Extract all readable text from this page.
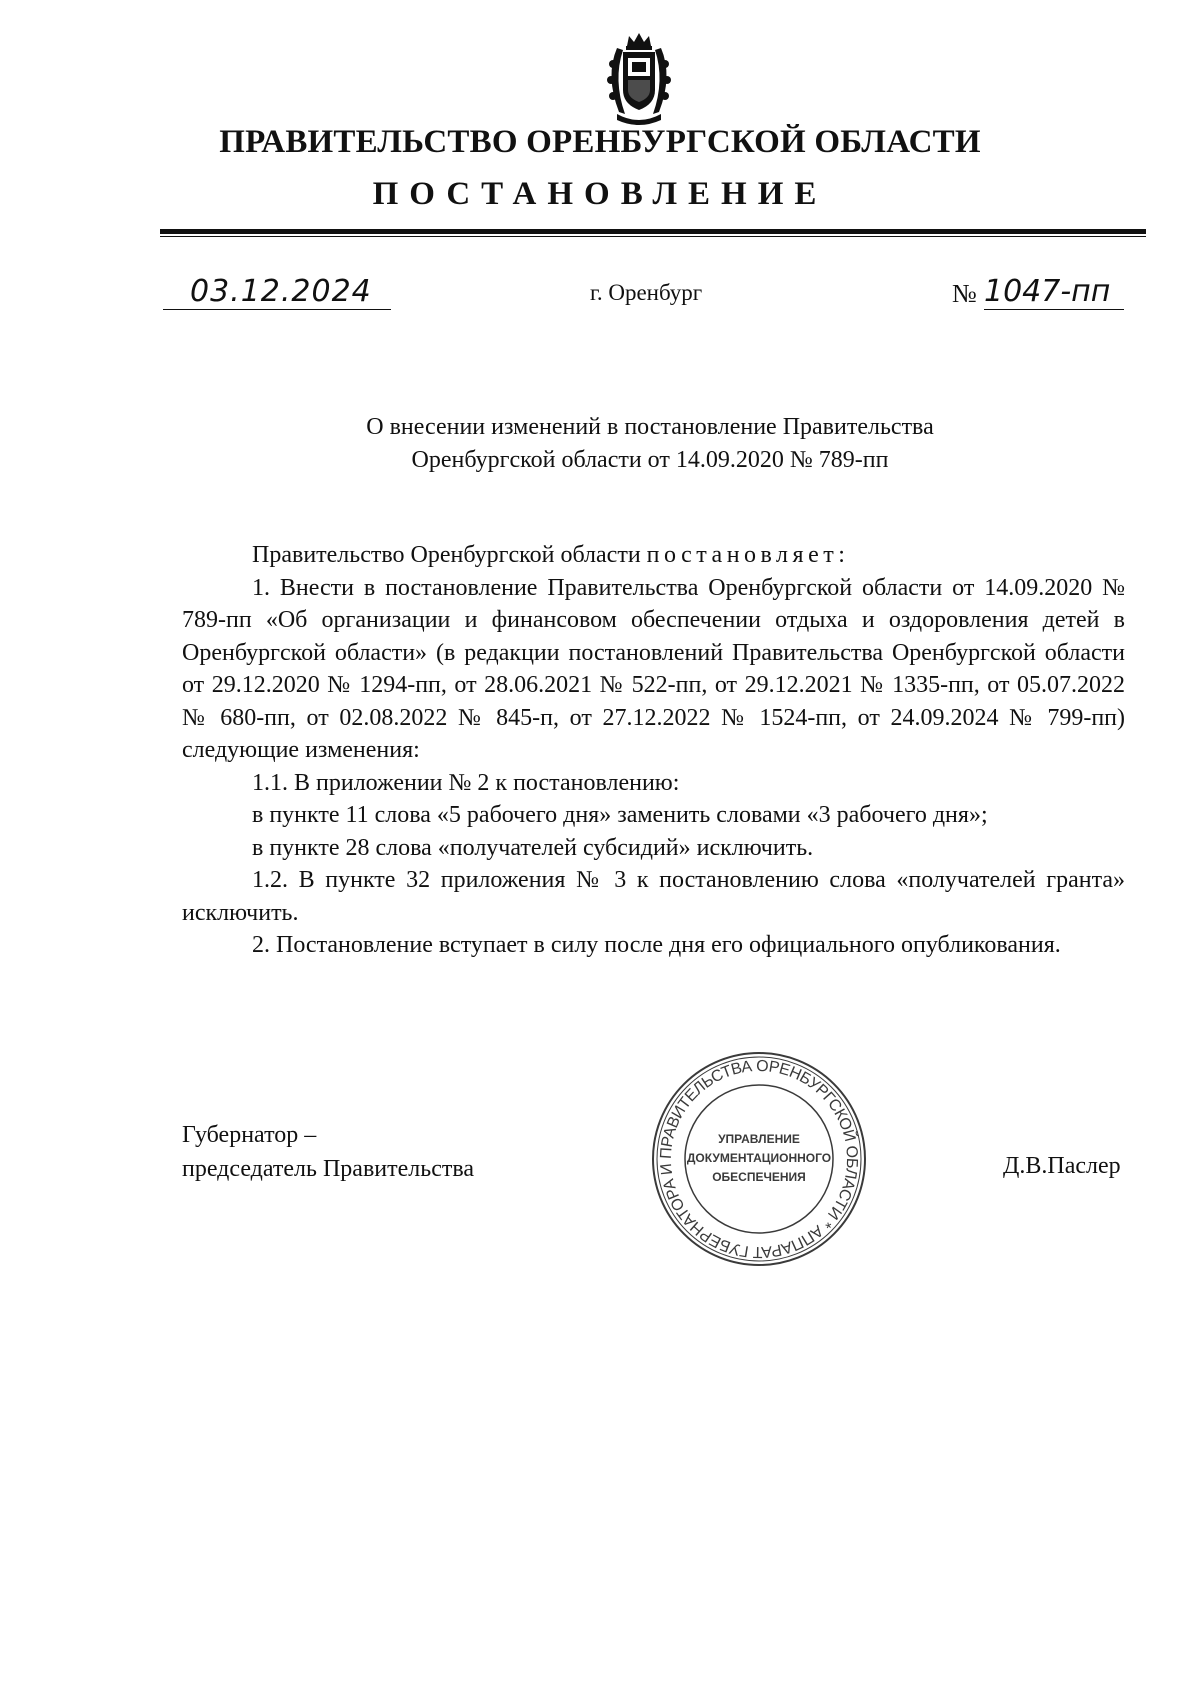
ПРАВИТЕЛЬСТВО ОРЕНБУРГСКОЙ ОБЛАСТИ
ПОСТАНОВЛЕНИЕ
03.12.2024	г. Оренбург	№ 1047-пп
О внесении изменений в постановление Правительства
Оренбургской области от 14.09.2020 № 789-пп

Правительство Оренбургской области постановляет:

1. Внести в постановление Правительства Оренбургской области от 14.09.2020 № 789-пп «Об организации и финансовом обеспечении отдыха и оздоровления детей в Оренбургской области» (в редакции постановлений Правительства Оренбургской области от 29.12.2020 № 1294-пп, от 28.06.2021 № 522-пп, от 29.12.2021 № 1335-пп, от 05.07.2022 № 680-пп, от 02.08.2022 № 845-п, от 27.12.2022 № 1524-пп, от 24.09.2024 № 799-пп) следующие изменения:

1.1. В приложении № 2 к постановлению:

в пункте 11 слова «5 рабочего дня» заменить словами «3 рабочего дня»;

в пункте 28 слова «получателей субсидий» исключить.

1.2. В пункте 32 приложения № 3 к постановлению слова «получателей гранта» исключить.

2. Постановление вступает в силу после дня его официального опубликования.

Губернатор –
председатель Правительства	Д.В.Паслер
ПРАВИТЕЛЬСТВА ОРЕНБУРГСКОЙ ОБЛАСТИ * АППАРАТ ГУБЕРНАТОРА И
УПРАВЛЕНИЕ
ДОКУМЕНТАЦИОННОГО
ОБЕСПЕЧЕНИЯ
